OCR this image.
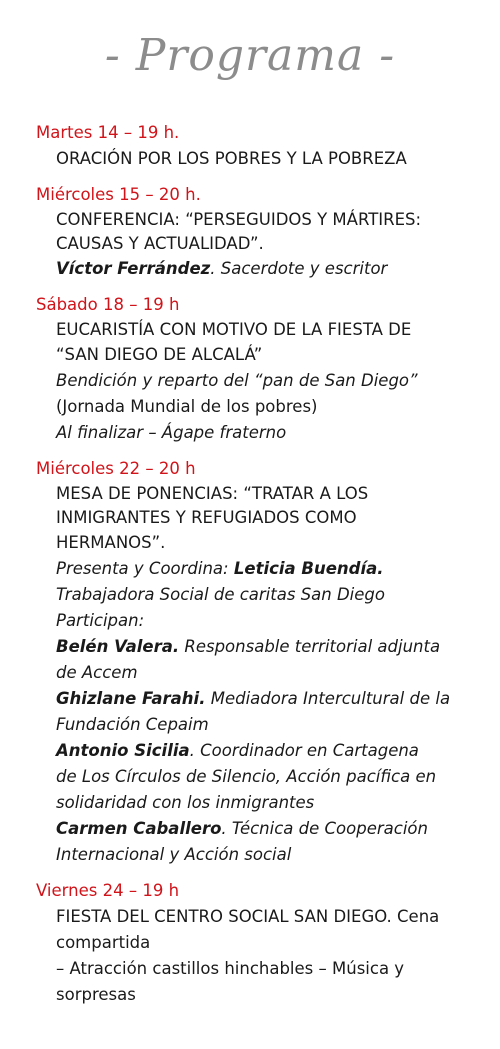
- Programa -

Martes 14 – 19 h.

ORACIÓN POR LOS POBRES Y LA POBREZA

Miércoles 15 – 20 h.

CONFERENCIA: “PERSEGUIDOS Y MÁRTIRES:
CAUSAS Y ACTUALIDAD”.
Víctor Ferrández. Sacerdote y escritor

Sábado 18 – 19 h

EUCARISTÍA CON MOTIVO DE LA FIESTA DE
“SAN DIEGO DE ALCALÁ”
Bendición y reparto del “pan de San Diego”
(Jornada Mundial de los pobres)
Al finalizar – Ágape fraterno

Miércoles 22 – 20 h

MESA DE PONENCIAS: “TRATAR A LOS
INMIGRANTES Y REFUGIADOS COMO
HERMANOS”.
Presenta y Coordina: Leticia Buendía.
Trabajadora Social de caritas San Diego
Participan:
Belén Valera. Responsable territorial adjunta
de Accem
Ghizlane Farahi. Mediadora Intercultural de la
Fundación Cepaim
Antonio Sicilia. Coordinador en Cartagena
de Los Círculos de Silencio, Acción pacífica en
solidaridad con los inmigrantes
Carmen Caballero. Técnica de Cooperación
Internacional y Acción social

Viernes 24 – 19 h

FIESTA DEL CENTRO SOCIAL SAN DIEGO. Cena
compartida
– Atracción castillos hinchables – Música y
sorpresas
